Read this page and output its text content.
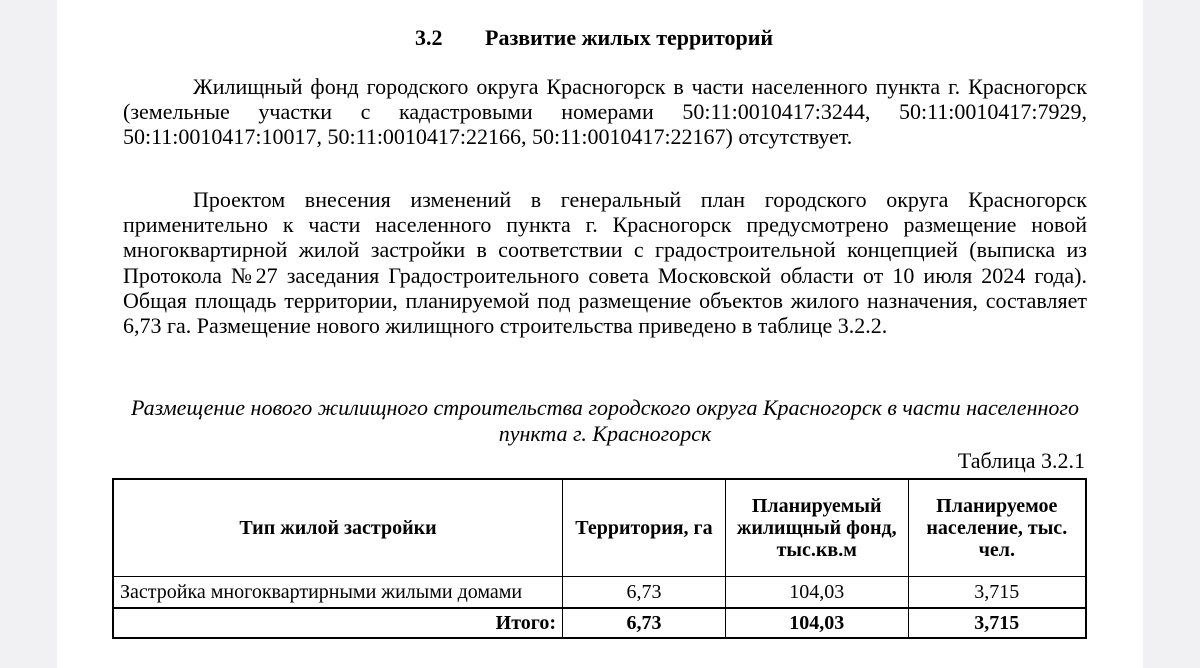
3.2 Развитие жилых территорий

Жилищный фонд городского округа Красногорск в части населенного пункта г. Красногорск (земельные участки с кадастровыми номерами 50:11:0010417:3244, 50:11:0010417:7929, 50:11:0010417:10017, 50:11:0010417:22166, 50:11:0010417:22167) отсутствует.

Проектом внесения изменений в генеральный план городского округа Красногорск применительно к части населенного пункта г. Красногорск предусмотрено размещение новой многоквартирной жилой застройки в соответствии с градостроительной концепцией (выписка из Протокола №27 заседания Градостроительного совета Московской области от 10 июля 2024 года). Общая площадь территории, планируемой под размещение объектов жилого назначения, составляет 6,73 га. Размещение нового жилищного строительства приведено в таблице 3.2.2.

Размещение нового жилищного строительства городского округа Красногорск в части населенного пункта г. Красногорск
Таблица 3.2.1
Тип жилой застройки	Территория, га	Планируемый жилищный фонд, тыс.кв.м	Планируемое население, тыс. чел.
Застройка многоквартирными жилыми домами	6,73	104,03	3,715
Итого:	6,73	104,03	3,715
